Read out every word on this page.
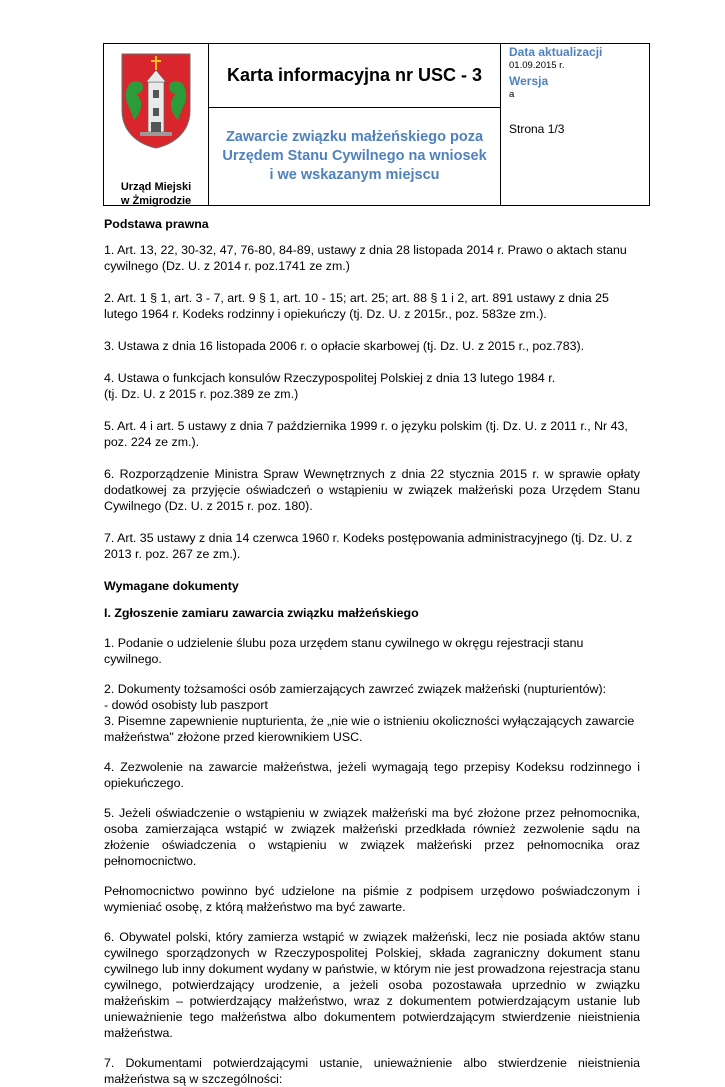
Urząd Miejski
w Żmigrodzie
Karta informacyjna nr USC - 3
Zawarcie związku małżeńskiego poza
Urzędem Stanu Cywilnego na wniosek
i we wskazanym miejscu
Data aktualizacji
01.09.2015 r.
Wersja
a
Strona 1/3

Podstawa prawna

1. Art. 13, 22, 30-32, 47, 76-80, 84-89, ustawy z dnia 28 listopada 2014 r. Prawo o aktach stanu cywilnego (Dz. U. z 2014 r. poz.1741 ze zm.)

2. Art. 1 § 1, art. 3 - 7, art. 9 § 1, art. 10 - 15; art. 25; art. 88 § 1 i 2, art. 891 ustawy z dnia 25 lutego 1964 r. Kodeks rodzinny i opiekuńczy (tj. Dz. U. z 2015r., poz. 583ze zm.).

3. Ustawa z dnia 16 listopada 2006 r. o opłacie skarbowej (tj. Dz. U. z 2015 r., poz.783).

4. Ustawa o funkcjach konsulów Rzeczypospolitej Polskiej z dnia 13 lutego 1984 r.

(tj. Dz. U. z 2015 r. poz.389 ze zm.)

5. Art. 4 i art. 5 ustawy z dnia 7 października 1999 r. o języku polskim (tj. Dz. U. z 2011 r., Nr 43, poz. 224 ze zm.).

6. Rozporządzenie Ministra Spraw Wewnętrznych z dnia 22 stycznia 2015 r. w sprawie opłaty dodatkowej za przyjęcie oświadczeń o wstąpieniu w związek małżeński poza Urzędem Stanu Cywilnego (Dz. U. z 2015 r. poz. 180).

7. Art. 35 ustawy z dnia 14 czerwca 1960 r. Kodeks postępowania administracyjnego (tj. Dz. U. z 2013 r. poz. 267 ze zm.).

Wymagane dokumenty

I. Zgłoszenie zamiaru zawarcia związku małżeńskiego

1. Podanie o udzielenie ślubu poza urzędem stanu cywilnego w okręgu rejestracji stanu cywilnego.

2. Dokumenty tożsamości osób zamierzających zawrzeć związek małżeński (nupturientów):

- dowód osobisty lub paszport

3. Pisemne zapewnienie nupturienta, że „nie wie o istnieniu okoliczności wyłączających zawarcie małżeństwa" złożone przed kierownikiem USC.

4. Zezwolenie na zawarcie małżeństwa, jeżeli wymagają tego przepisy Kodeksu rodzinnego i opiekuńczego.

5. Jeżeli oświadczenie o wstąpieniu w związek małżeński ma być złożone przez pełnomocnika, osoba zamierzająca wstąpić w związek małżeński przedkłada również zezwolenie sądu na złożenie oświadczenia o wstąpieniu w związek małżeński przez pełnomocnika oraz pełnomocnictwo.

Pełnomocnictwo powinno być udzielone na piśmie z podpisem urzędowo poświadczonym i wymieniać osobę, z którą małżeństwo ma być zawarte.

6. Obywatel polski, który zamierza wstąpić w związek małżeński, lecz nie posiada aktów stanu cywilnego sporządzonych w Rzeczypospolitej Polskiej, składa zagraniczny dokument stanu cywilnego lub inny dokument wydany w państwie, w którym nie jest prowadzona rejestracja stanu cywilnego, potwierdzający urodzenie, a jeżeli osoba pozostawała uprzednio w związku małżeńskim – potwierdzający małżeństwo, wraz z dokumentem potwierdzającym ustanie lub unieważnienie tego małżeństwa albo dokumentem potwierdzającym stwierdzenie nieistnienia małżeństwa.

7. Dokumentami potwierdzającymi ustanie, unieważnienie albo stwierdzenie nieistnienia małżeństwa są w szczególności:
